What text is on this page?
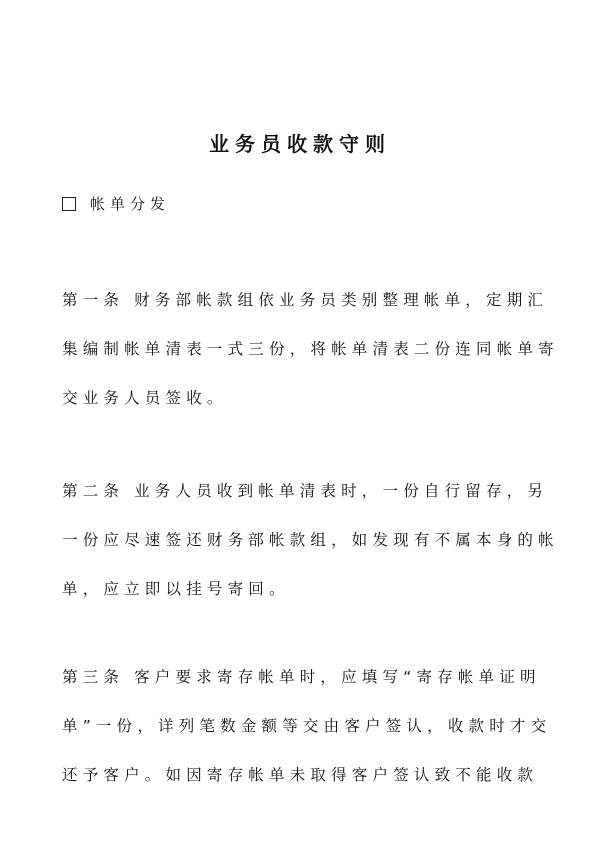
业务员收款守则
帐单分发
第一条 财务部帐款组依业务员类别整理帐单，定期汇
集编制帐单清表一式三份，将帐单清表二份连同帐单寄
交业务人员签收。
第二条 业务人员收到帐单清表时，一份自行留存，另
一份应尽速签还财务部帐款组，如发现有不属本身的帐
单，应立即以挂号寄回。
第三条 客户要求寄存帐单时，应填写“寄存帐单证明
单”一份，详列笔数金额等交由客户签认，收款时才交
还予客户。如因寄存帐单未取得客户签认致不能收款
